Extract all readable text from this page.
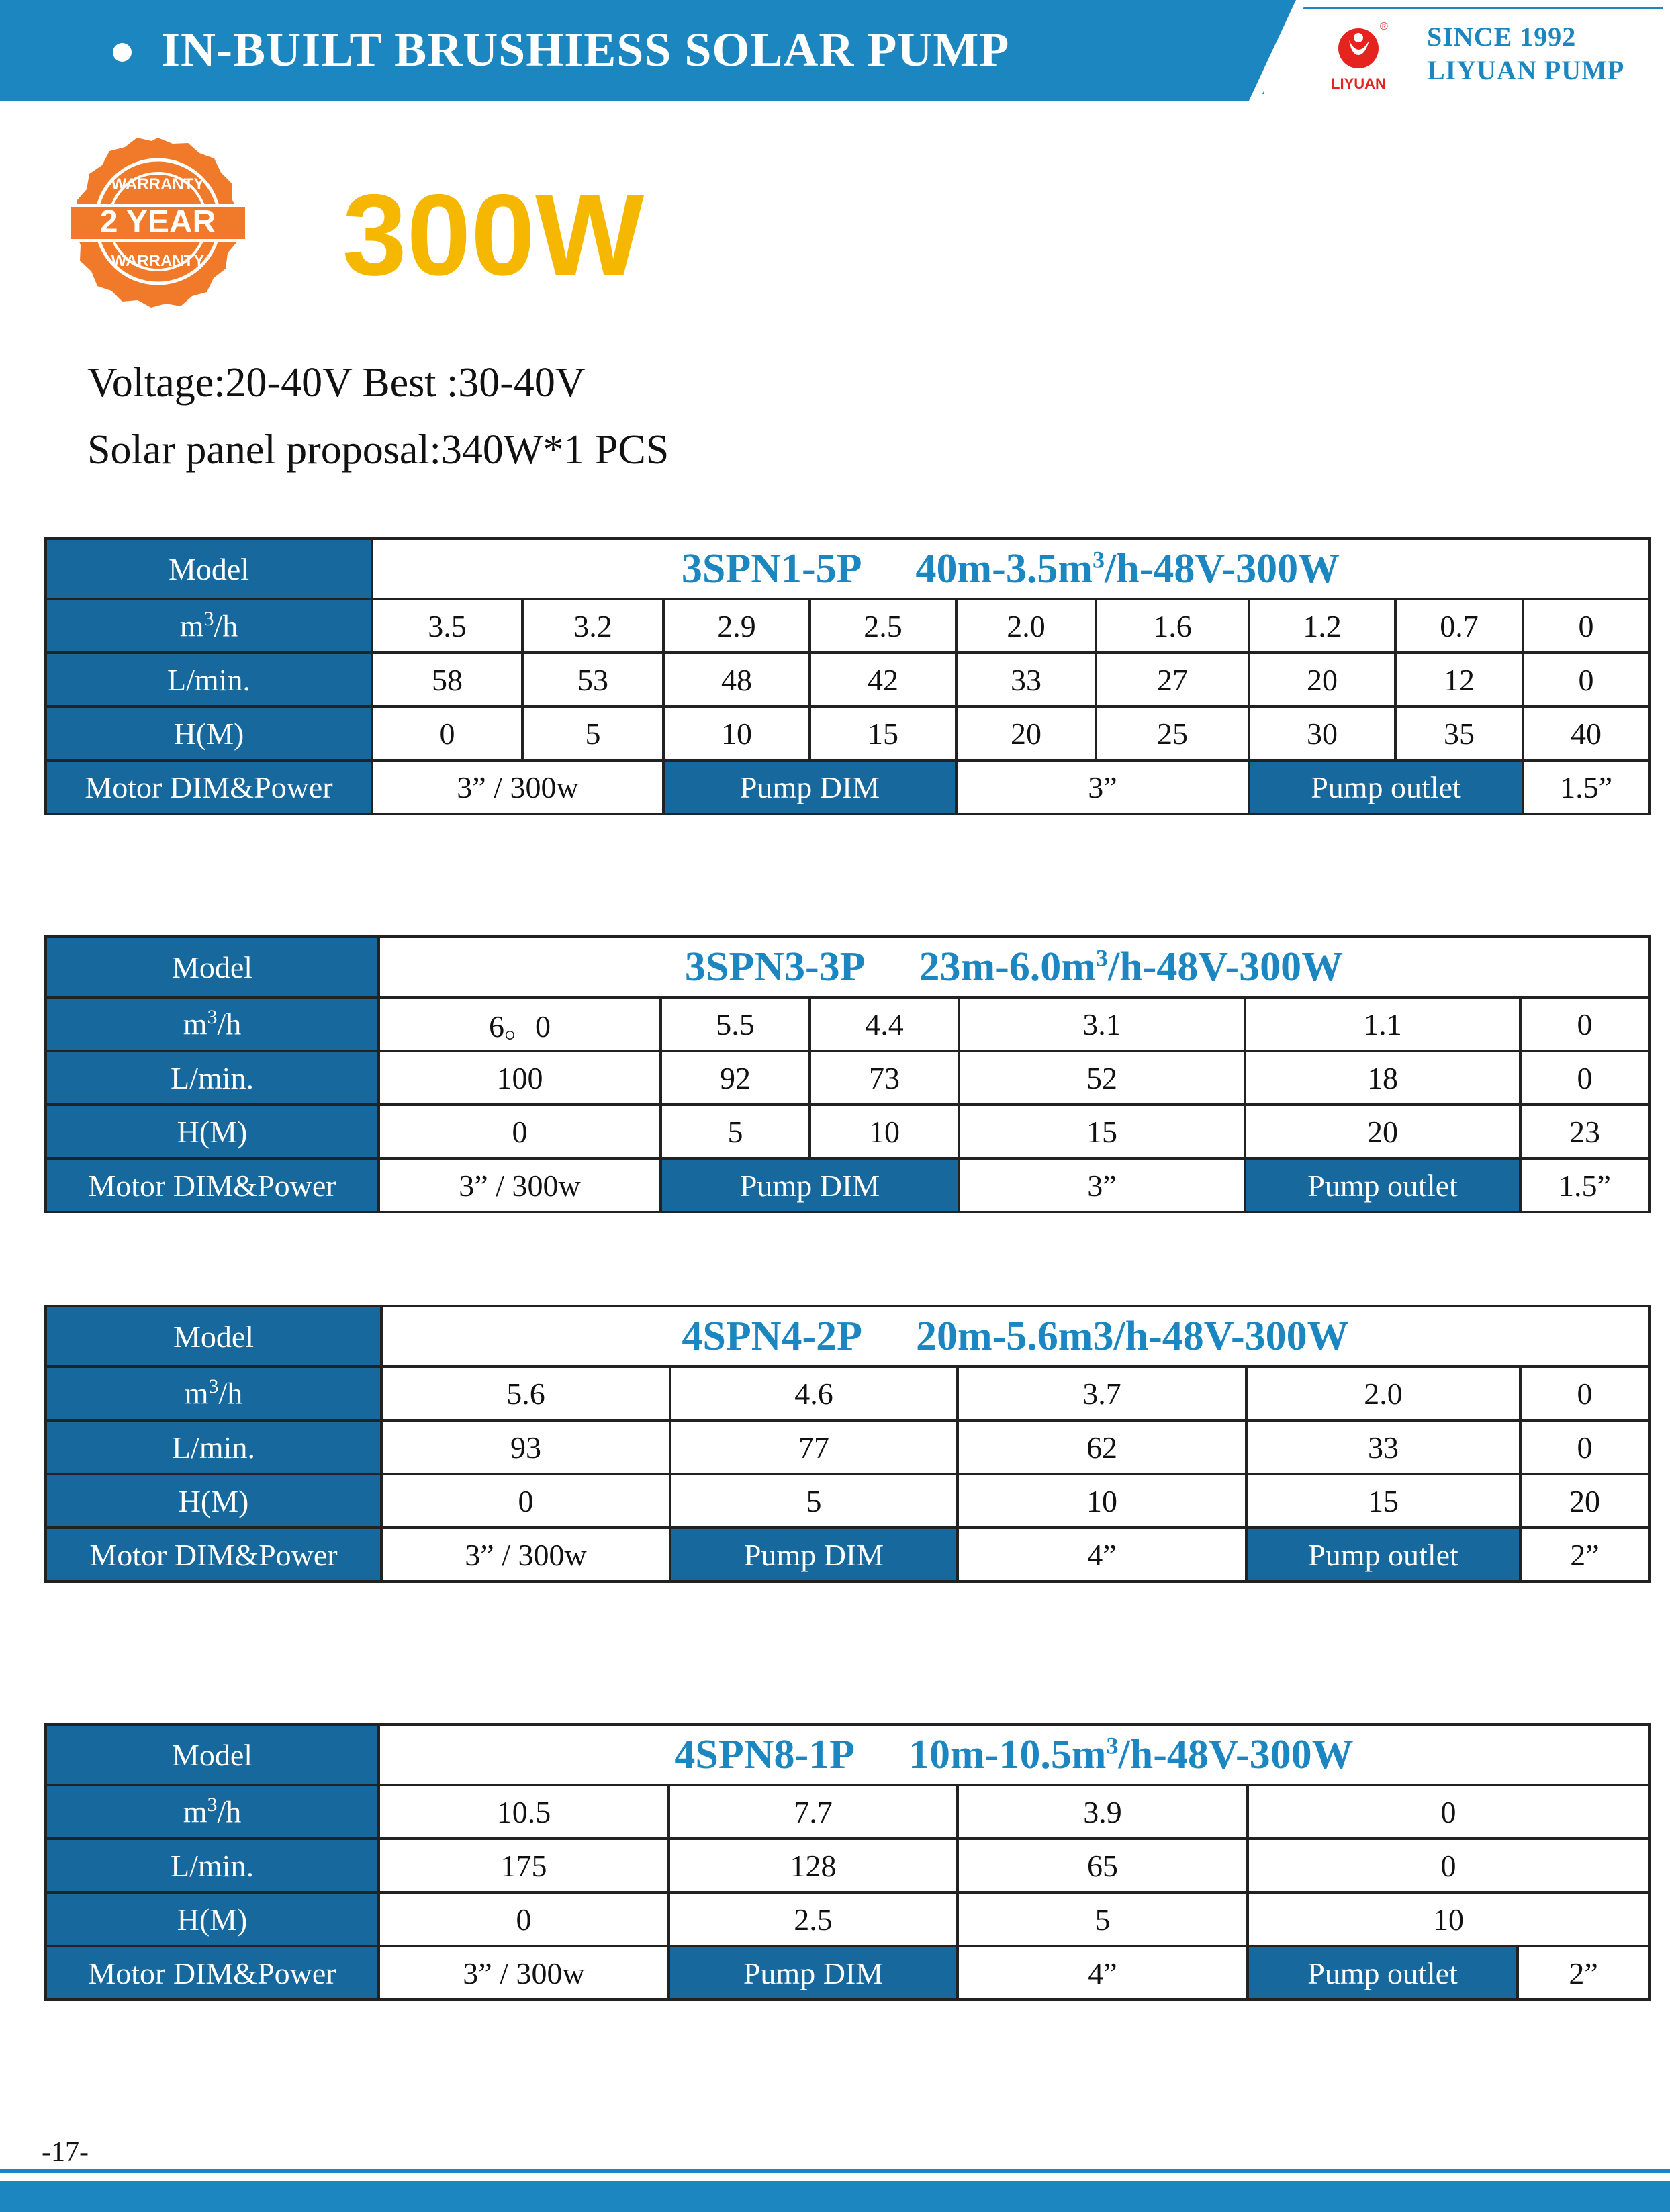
IN-BUILT BRUSHIESS SOLAR PUMP	®
LIYUAN
SINCE 1992
LIYUAN PUMP
WARRANTY
2 YEAR
WARRANTY 300W
Voltage:20-40V Best :30-40V
Solar panel proposal:340W*1 PCS
Model	3SPN1-5P $40m-3.5m^3/h-48V-300W$								
$m^3/h$	3.5	3.2	2.9	2.5	2.0	1.6	1.2	0.7	0
L/min.	58	53	48	42	33	27	20	12	0
H(M)	0	5	10	15	20	25	30	35	40
Motor DIM&Power	3” / 300w		Pump DIM		3”		Pump outlet		1.5”
Model	3SPN3-3P $23m-6.0m^3/h-48V-300W$					
$m^3/h$	6。0	5.5	4.4	3.1	1.1	0
L/min.	100	92	73	52	18	0
H(M)	0	5	10	15	20	23
Motor DIM&Power	3” / 300w	Pump DIM		3”	Pump outlet	1.5”
Model	4SPN4-2P 20m-5.6m3/h-48V-300W				
$m^3/h$	5.6	4.6	3.7	2.0	0
L/min.	93	77	62	33	0
H(M)	0	5	10	15	20
Motor DIM&Power	3” / 300w	Pump DIM	4”	Pump outlet	2”
Model	4SPN8-1P $10m-10.5m^3/h-48V-300W$				
$m^3/h$	10.5	7.7	3.9	0	
L/min.	175	128	65	0	
H(M)	0	2.5	5	10	
Motor DIM&Power	3” / 300w	Pump DIM	4”	Pump outlet	2”
-17-
